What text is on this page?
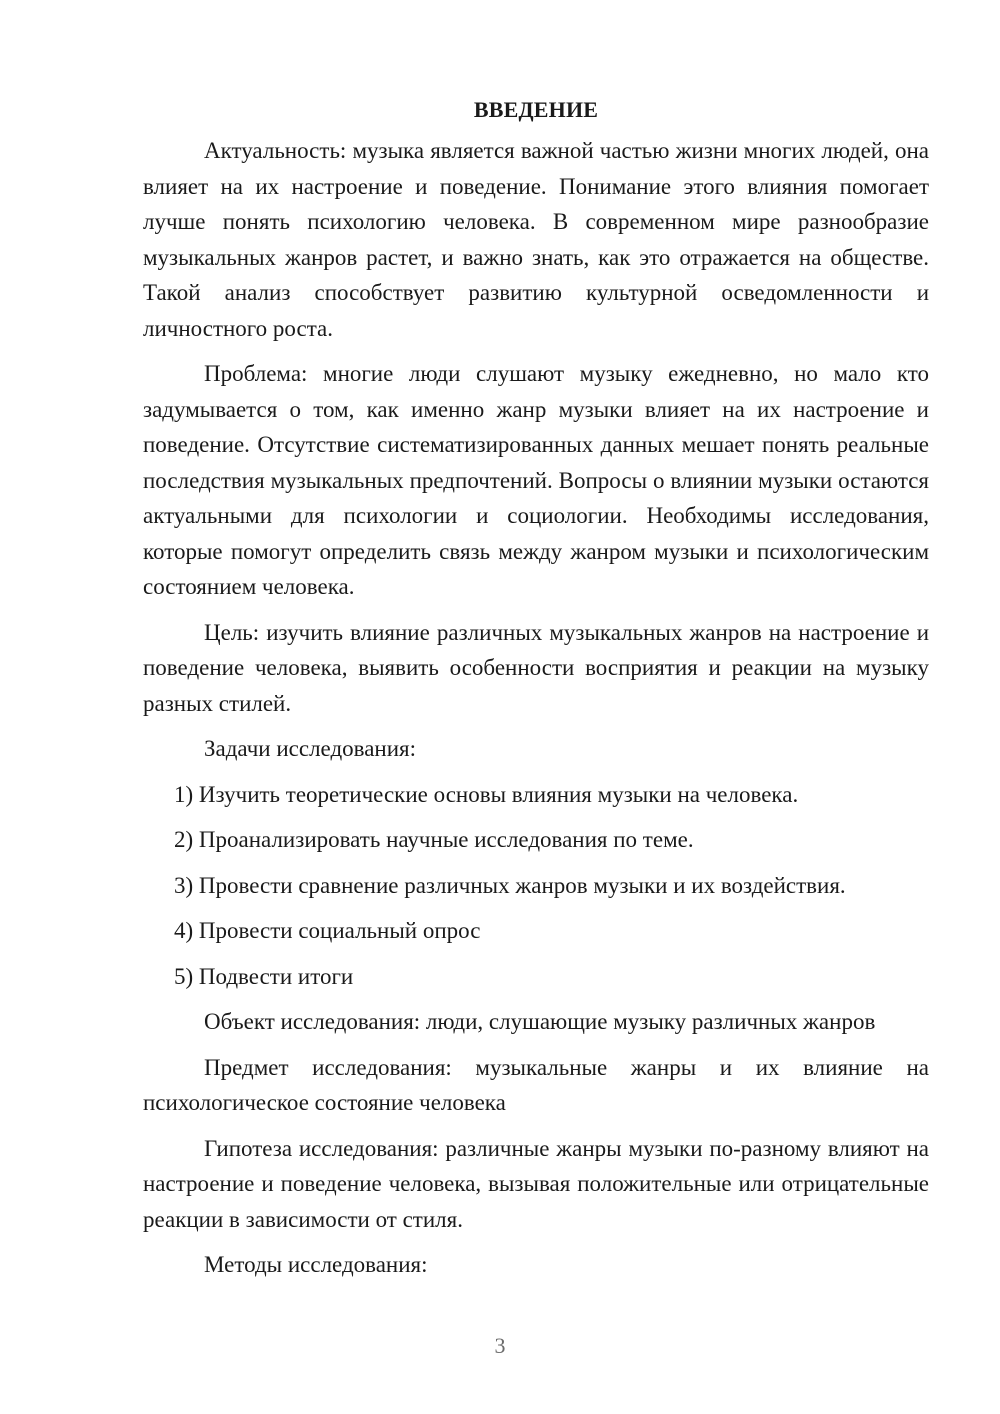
ВВЕДЕНИЕ

Актуальность: музыка является важной частью жизни многих людей, она влияет на их настроение и поведение. Понимание этого влияния помогает лучше понять психологию человека. В современном мире разнообразие музыкальных жанров растет, и важно знать, как это отражается на обществе. Такой анализ способствует развитию культурной осведомленности и личностного роста.

Проблема: многие люди слушают музыку ежедневно, но мало кто задумывается о том, как именно жанр музыки влияет на их настроение и поведение. Отсутствие систематизированных данных мешает понять реальные последствия музыкальных предпочтений. Вопросы о влиянии музыки остаются актуальными для психологии и социологии. Необходимы исследования, которые помогут определить связь между жанром музыки и психологическим состоянием человека.

Цель: изучить влияние различных музыкальных жанров на настроение и поведение человека, выявить особенности восприятия и реакции на музыку разных стилей.

Задачи исследования:

1) Изучить теоретические основы влияния музыки на человека.

2) Проанализировать научные исследования по теме.

3) Провести сравнение различных жанров музыки и их воздействия.

4) Провести социальный опрос

5) Подвести итоги

Объект исследования: люди, слушающие музыку различных жанров

Предмет исследования: музыкальные жанры и их влияние на психологическое состояние человека

Гипотеза исследования: различные жанры музыки по-разному влияют на настроение и поведение человека, вызывая положительные или отрицательные реакции в зависимости от стиля.

Методы исследования:

3
